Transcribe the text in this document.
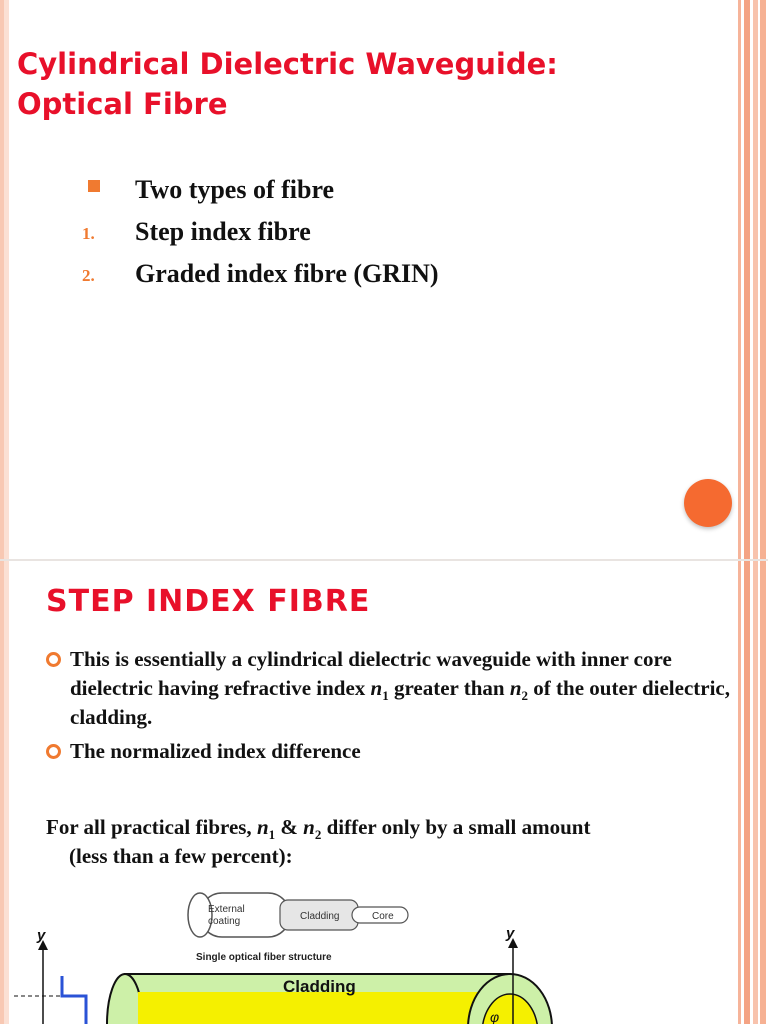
Cylindrical Dielectric Waveguide:
Optical Fibre
Two types of fibre
1. Step index fibre
2. Graded index fibre (GRIN)
STEP INDEX FIBRE
This is essentially a cylindrical dielectric waveguide with inner core dielectric having refractive index $n_1$ greater than $n_2$ of the outer dielectric, cladding.
The normalized index difference
For all practical fibres, $n_1$ & $n_2$ differ only by a small amount
(less than a few percent):
External
coating	Cladding	Core
Single optical fiber structure
y
Cladding
y
φ
